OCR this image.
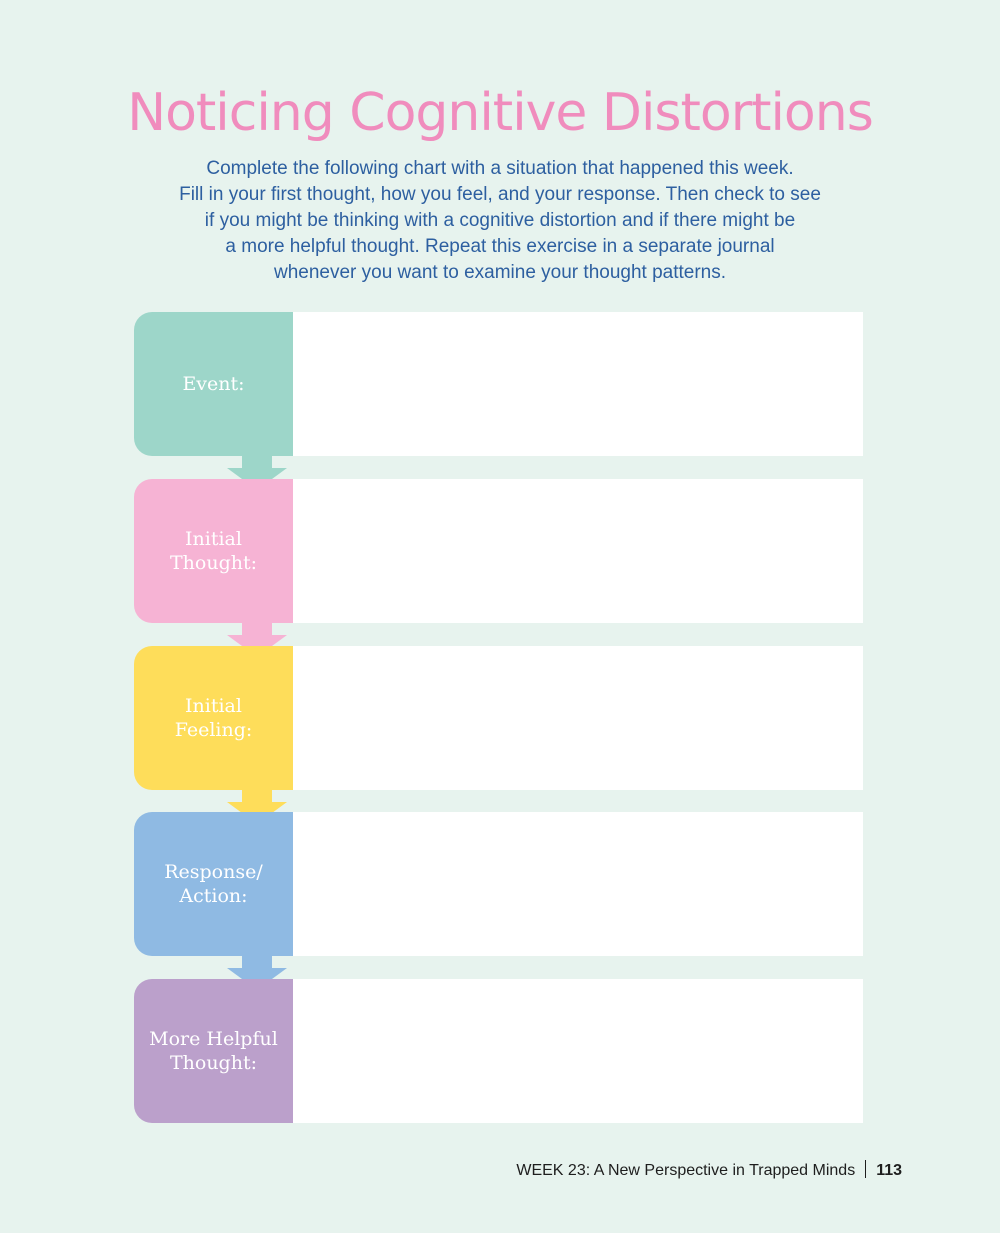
Noticing Cognitive Distortions

Complete the following chart with a situation that happened this week.
Fill in your first thought, how you feel, and your response. Then check to see
if you might be thinking with a cognitive distortion and if there might be
a more helpful thought. Repeat this exercise in a separate journal
whenever you want to examine your thought patterns.

Event:
Initial
Thought:
Initial
Feeling:
Response/
Action:
More Helpful
Thought:
WEEK 23: A New Perspective in Trapped Minds 113
